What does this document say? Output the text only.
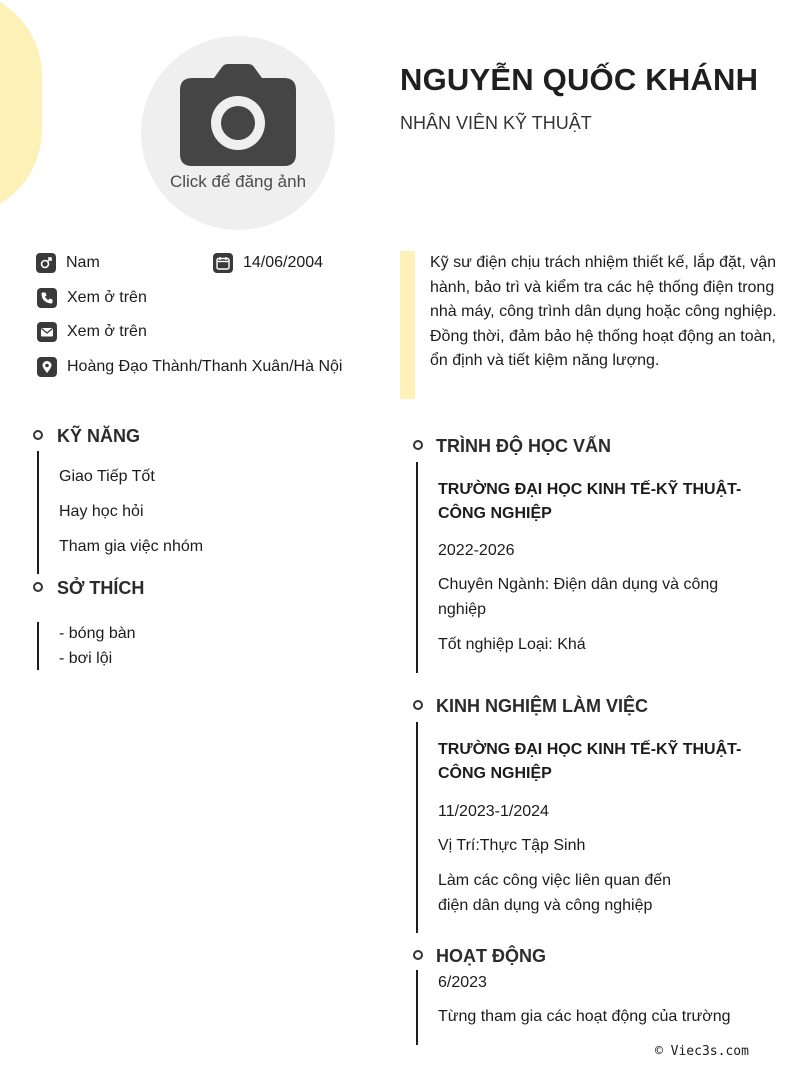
Click để đăng ảnh
NGUYỄN QUỐC KHÁNH
NHÂN VIÊN KỸ THUẬT
Nam	14/06/2004
Xem ở trên
Xem ở trên
Hoàng Đạo Thành/Thanh Xuân/Hà Nội

Kỹ sư điện chịu trách nhiệm thiết kế, lắp đặt, vận hành, bảo trì và kiểm tra các hệ thống điện trong nhà máy, công trình dân dụng hoặc công nghiệp. Đồng thời, đảm bảo hệ thống hoạt động an toàn, ổn định và tiết kiệm năng lượng.

KỸ NĂNG
Giao Tiếp Tốt
Hay học hỏi
Tham gia việc nhóm
SỞ THÍCH
- bóng bàn
- bơi lội
TRÌNH ĐỘ HỌC VẤN
TRƯỜNG ĐẠI HỌC KINH TẾ-KỸ THUẬT-CÔNG NGHIỆP
2022-2026
Chuyên Ngành: Điện dân dụng và công nghiệp
Tốt nghiệp Loại: Khá
KINH NGHIỆM LÀM VIỆC
TRƯỜNG ĐẠI HỌC KINH TẾ-KỸ THUẬT-CÔNG NGHIỆP
11/2023-1/2024
Vị Trí:Thực Tập Sinh
Làm các công việc liên quan đến điện dân dụng và công nghiệp
HOẠT ĐỘNG
6/2023
Từng tham gia các hoạt động của trường
© Viec3s.com
